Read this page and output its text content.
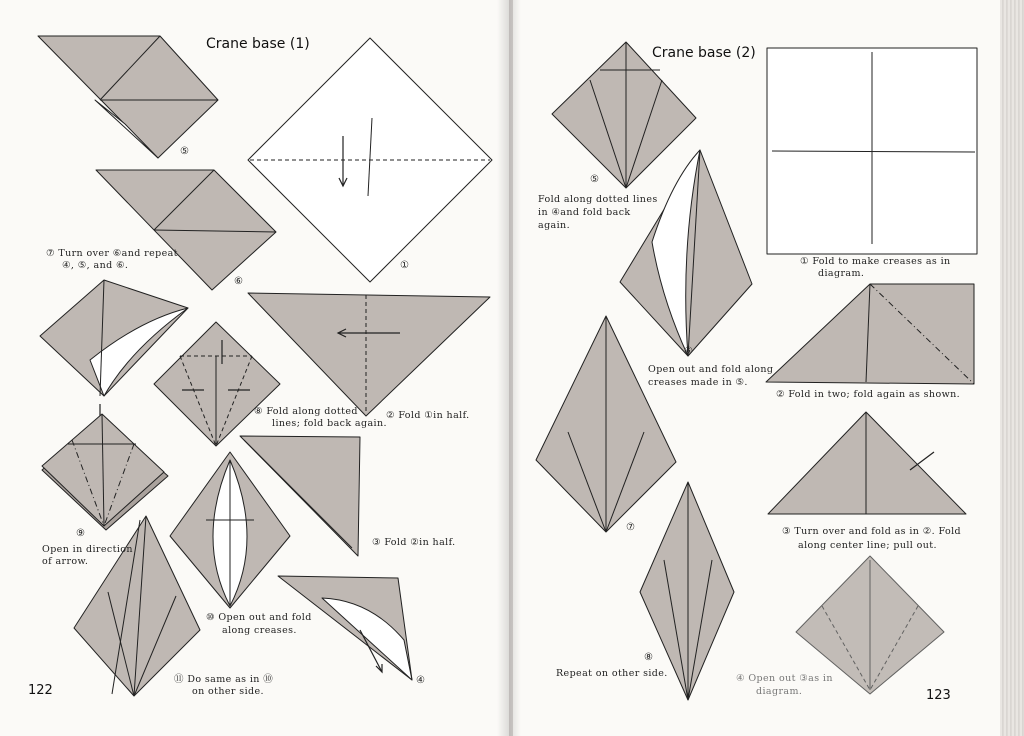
Crane base (1)
①
② Fold ①in half.
③ Fold ②in half.
④
⑤
⑥
⑦ Turn over ⑥and repeat
④, ⑤, and ⑥.
⑧ Fold along dotted
lines; fold back again.
⑨
Open in direction
of arrow.
⑩ Open out and fold
along creases.
⑪ Do same as in ⑩
on other side.
122
Crane base (2)
① Fold to make creases as in
diagram.
② Fold in two; fold again as shown.
③ Turn over and fold as in ②. Fold
along center line; pull out.
④ Open out ③as in
diagram.
⑤
Fold along dotted lines
in ④and fold back
again.
⑥
Open out and fold along
creases made in ⑤.
⑦
⑧
Repeat on other side.
123
